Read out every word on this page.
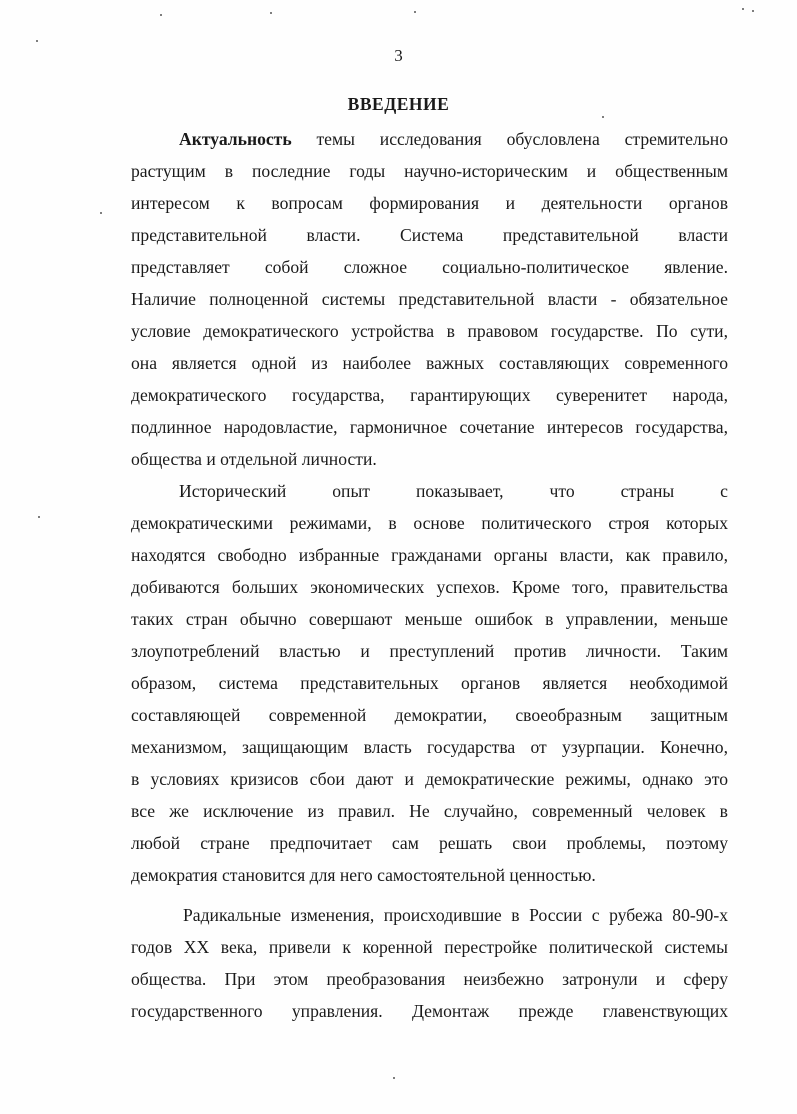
3
ВВЕДЕНИЕ
Актуальность темы исследования обусловлена стремительно
растущим в последние годы научно-историческим и общественным
интересом к вопросам формирования и деятельности органов
представительной власти. Система представительной власти
представляет собой сложное социально-политическое явление.
Наличие полноценной системы представительной власти - обязательное
условие демократического устройства в правовом государстве. По сути,
она является одной из наиболее важных составляющих современного
демократического государства, гарантирующих суверенитет народа,
подлинное народовластие, гармоничное сочетание интересов государства,
общества и отдельной личности.
Исторический опыт показывает, что страны с
демократическими режимами, в основе политического строя которых
находятся свободно избранные гражданами органы власти, как правило,
добиваются больших экономических успехов. Кроме того, правительства
таких стран обычно совершают меньше ошибок в управлении, меньше
злоупотреблений властью и преступлений против личности. Таким
образом, система представительных органов является необходимой
составляющей современной демократии, своеобразным защитным
механизмом, защищающим власть государства от узурпации. Конечно,
в условиях кризисов сбои дают и демократические режимы, однако это
все же исключение из правил. Не случайно, современный человек в
любой стране предпочитает сам решать свои проблемы, поэтому
демократия становится для него самостоятельной ценностью.
Радикальные изменения, происходившие в России с рубежа 80-90-х
годов XX века, привели к коренной перестройке политической системы
общества. При этом преобразования неизбежно затронули и сферу
государственного управления. Демонтаж прежде главенствующих
